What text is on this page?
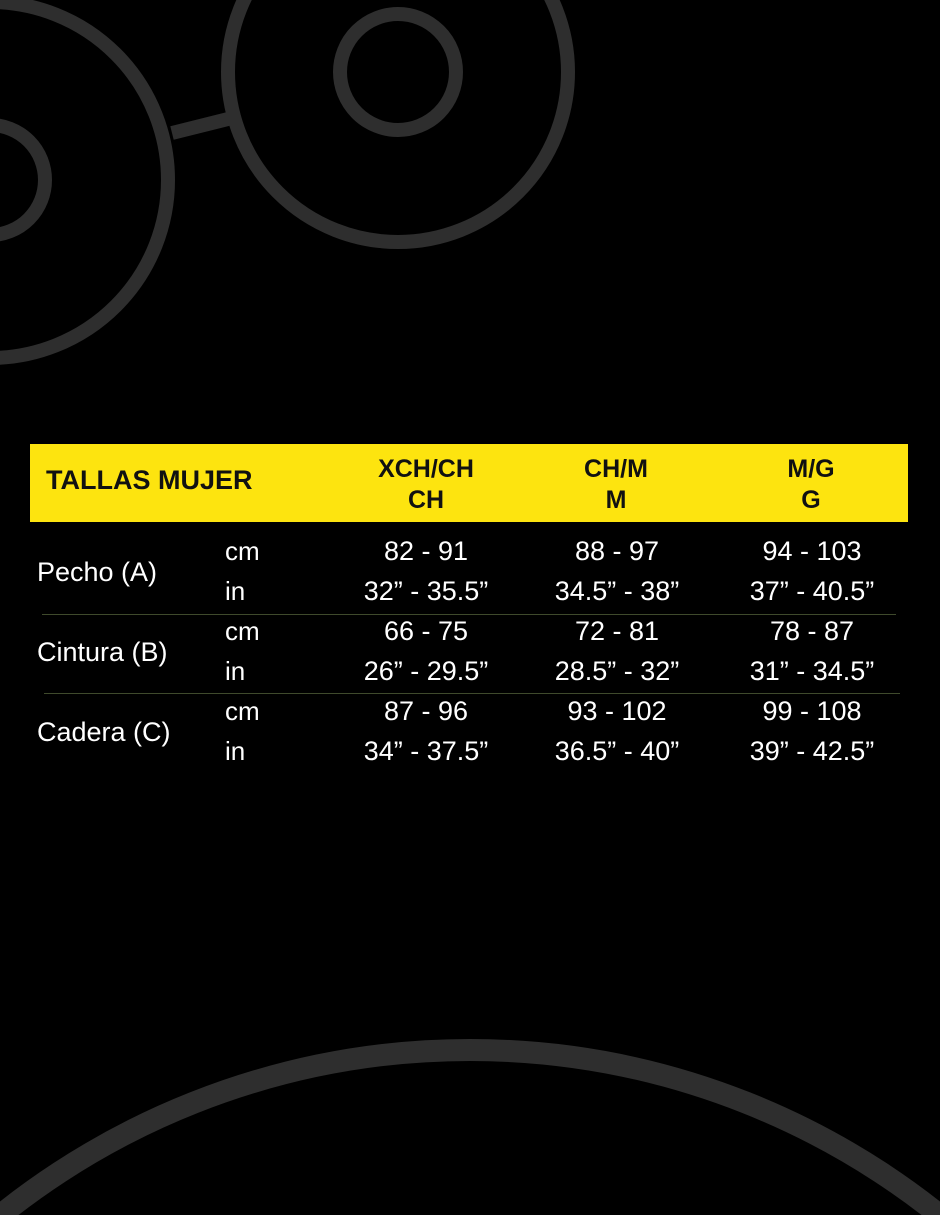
TALLAS MUJER	XCH/CH
CH
CH/M
M
M/G
G
Pecho (A)
cm
in
82 - 91
32” - 35.5”
88 - 97
34.5” - 38”
94 - 103
37” - 40.5”
Cintura (B)
cm
in
66 - 75
26” - 29.5”
72 - 81
28.5” - 32”
78 - 87
31” - 34.5”
Cadera (C)
cm
in
87 - 96
34” - 37.5”
93 - 102
36.5” - 40”
99 - 108
39” - 42.5”
